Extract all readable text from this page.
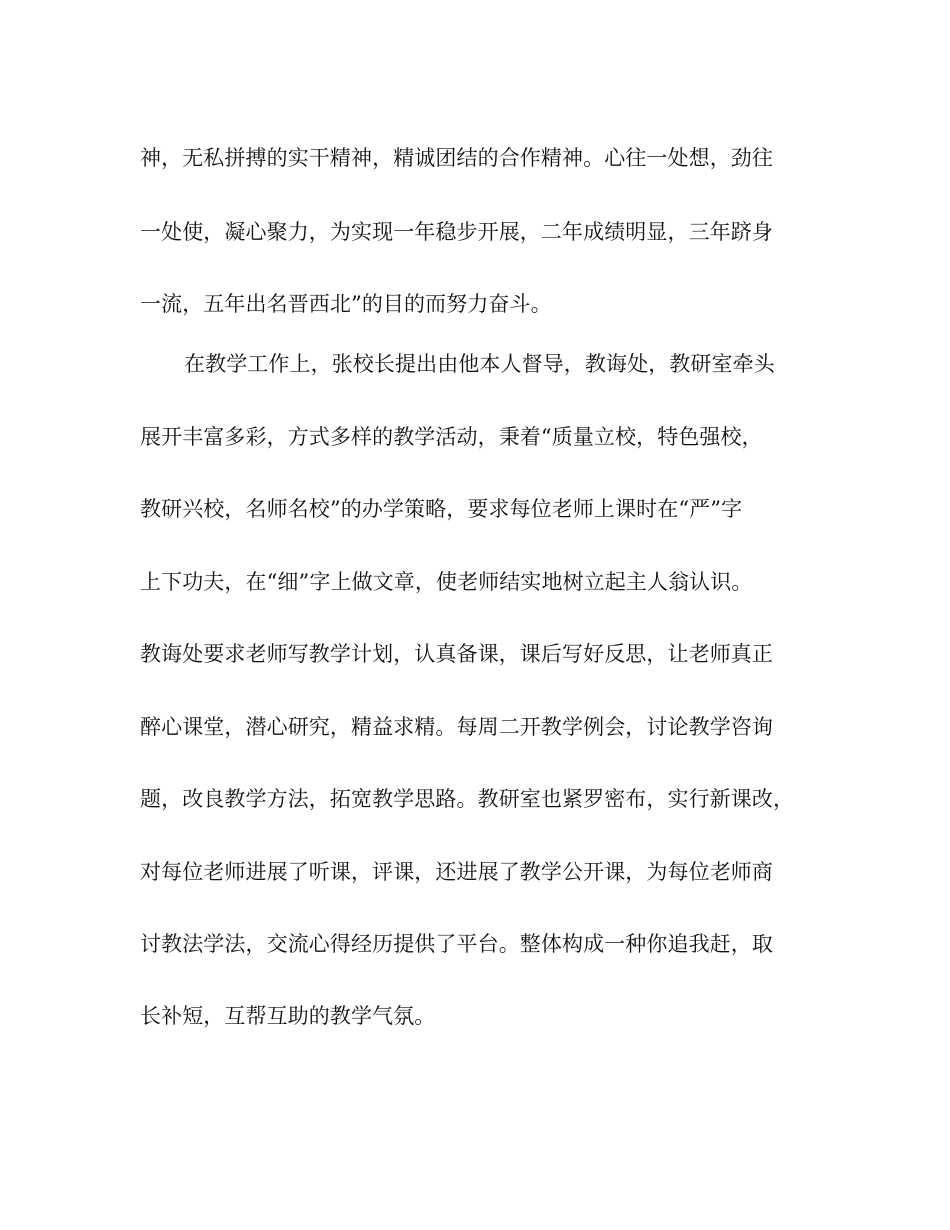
神，无私拼搏的实干精神，精诚团结的合作精神。心往一处想，劲往
一处使，凝心聚力，为实现一年稳步开展，二年成绩明显，三年跻身
一流，五年出名晋西北”的目的而努力奋斗。
在教学工作上，张校长提出由他本人督导，教诲处，教研室牵头
展开丰富多彩，方式多样的教学活动，秉着“质量立校，特色强校，
教研兴校，名师名校”的办学策略，要求每位老师上课时在“严”字
上下功夫，在“细”字上做文章，使老师结实地树立起主人翁认识。
教诲处要求老师写教学计划，认真备课，课后写好反思，让老师真正
醉心课堂，潜心研究，精益求精。每周二开教学例会，讨论教学咨询
题，改良教学方法，拓宽教学思路。教研室也紧罗密布，实行新课改，
对每位老师进展了听课，评课，还进展了教学公开课，为每位老师商
讨教法学法，交流心得经历提供了平台。整体构成一种你追我赶，取
长补短，互帮互助的教学气氛。
